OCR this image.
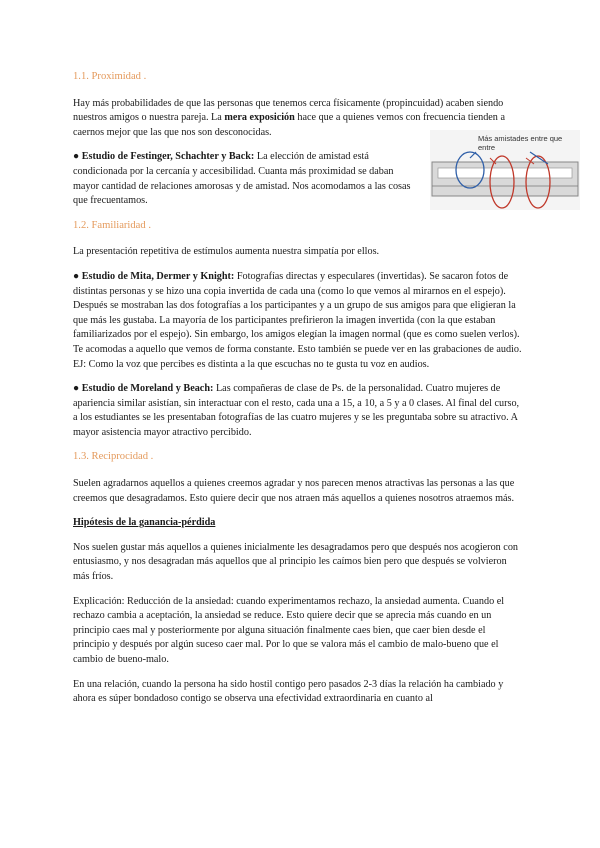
1.1. Proximidad .

Hay más probabilidades de que las personas que tenemos cerca físicamente (propincuidad) acaben siendo nuestros amigos o nuestra pareja. La mera exposición hace que a quienes vemos con frecuencia tienden a caernos mejor que las que nos son desconocidas.

● Estudio de Festinger, Schachter y Back: La elección de amistad está condicionada por la cercanía y accesibilidad. Cuanta más proximidad se daban mayor cantidad de relaciones amorosas y de amistad. Nos acomodamos a las cosas que frecuentamos.

1.2. Familiaridad .

La presentación repetitiva de estímulos aumenta nuestra simpatía por ellos.

● Estudio de Mita, Dermer y Knight: Fotografías directas y especulares (invertidas). Se sacaron fotos de distintas personas y se hizo una copia invertida de cada una (como lo que vemos al mirarnos en el espejo). Después se mostraban las dos fotografías a los participantes y a un grupo de sus amigos para que eligieran la que más les gustaba. La mayoría de los participantes prefirieron la imagen invertida (con la que estaban familiarizados por el espejo). Sin embargo, los amigos elegían la imagen normal (que es como suelen verlos). Te acomodas a aquello que vemos de forma constante. Esto también se puede ver en las grabaciones de audio. EJ: Como la voz que percibes es distinta a la que escuchas no te gusta tu voz en audios.

● Estudio de Moreland y Beach: Las compañeras de clase de Ps. de la personalidad. Cuatro mujeres de apariencia similar asistían, sin interactuar con el resto, cada una a 15, a 10, a 5 y a 0 clases. Al final del curso, a los estudiantes se les presentaban fotografías de las cuatro mujeres y se les preguntaba sobre su atractivo. A mayor asistencia mayor atractivo percibido.

1.3. Reciprocidad .

Suelen agradarnos aquellos a quienes creemos agradar y nos parecen menos atractivas las personas a las que creemos que desagradamos. Esto quiere decir que nos atraen más aquellos a quienes nosotros atraemos más.

Hipótesis de la ganancia-pérdida

Nos suelen gustar más aquellos a quienes inicialmente les desagradamos pero que después nos acogieron con entusiasmo, y nos desagradan más aquellos que al principio les caímos bien pero que después se volvieron más fríos.

Explicación: Reducción de la ansiedad: cuando experimentamos rechazo, la ansiedad aumenta. Cuando el rechazo cambia a aceptación, la ansiedad se reduce. Esto quiere decir que se aprecia más cuando en un principio caes mal y posteriormente por alguna situación finalmente caes bien, que caer bien desde el principio y después por algún suceso caer mal. Por lo que se valora más el cambio de malo-bueno que el cambio de bueno-malo.

En una relación, cuando la persona ha sido hostil contigo pero pasados 2-3 días la relación ha cambiado y ahora es súper bondadoso contigo se observa una efectividad extraordinaria en cuanto al

Más amistades entre que entre
